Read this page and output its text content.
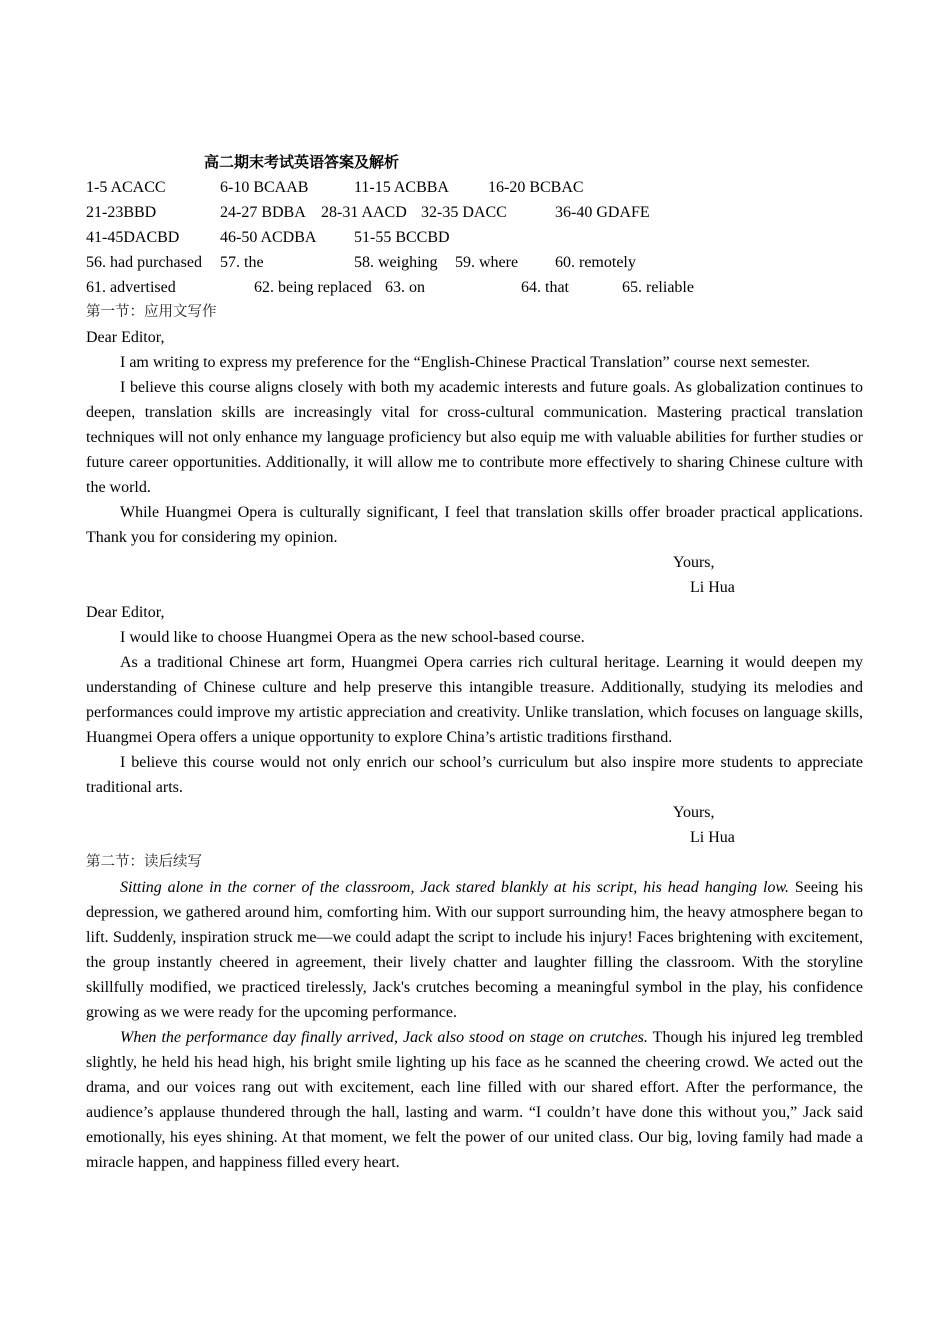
高二期末考试英语答案及解析
1-5 ACACC	6-10 BCAAB	11-15 ACBBA 16-20 BCBAC
21-23BBD	24-27 BDBA 28-31 AACD 32-35 DACC	36-40 GDAFE
41-45DACBD	46-50 ACDBA 51-55 BCCBD
56. had purchased 57. the	58. weighing 59. where 60. remotely
61. advertised	62. being replaced 63. on	64. that	65. reliable
第一节：应用文写作
Dear Editor,

I am writing to express my preference for the “English-Chinese Practical Translation” course next semester.

I believe this course aligns closely with both my academic interests and future goals. As globalization continues to deepen, translation skills are increasingly vital for cross-cultural communication. Mastering practical translation techniques will not only enhance my language proficiency but also equip me with valuable abilities for further studies or future career opportunities. Additionally, it will allow me to contribute more effectively to sharing Chinese culture with the world.

While Huangmei Opera is culturally significant, I feel that translation skills offer broader practical applications. Thank you for considering my opinion.

Yours,
Li Hua
Dear Editor,

I would like to choose Huangmei Opera as the new school-based course.

As a traditional Chinese art form, Huangmei Opera carries rich cultural heritage. Learning it would deepen my understanding of Chinese culture and help preserve this intangible treasure. Additionally, studying its melodies and performances could improve my artistic appreciation and creativity. Unlike translation, which focuses on language skills, Huangmei Opera offers a unique opportunity to explore China’s artistic traditions firsthand.

I believe this course would not only enrich our school’s curriculum but also inspire more students to appreciate traditional arts.

Yours,
Li Hua
第二节：读后续写

Sitting alone in the corner of the classroom, Jack stared blankly at his script, his head hanging low. Seeing his depression, we gathered around him, comforting him. With our support surrounding him, the heavy atmosphere began to lift. Suddenly, inspiration struck me—we could adapt the script to include his injury! Faces brightening with excitement, the group instantly cheered in agreement, their lively chatter and laughter filling the classroom. With the storyline skillfully modified, we practiced tirelessly, Jack's crutches becoming a meaningful symbol in the play, his confidence growing as we were ready for the upcoming performance.

When the performance day finally arrived, Jack also stood on stage on crutches. Though his injured leg trembled slightly, he held his head high, his bright smile lighting up his face as he scanned the cheering crowd. We acted out the drama, and our voices rang out with excitement, each line filled with our shared effort. After the performance, the audience’s applause thundered through the hall, lasting and warm. “I couldn’t have done this without you,” Jack said emotionally, his eyes shining. At that moment, we felt the power of our united class. Our big, loving family had made a miracle happen, and happiness filled every heart.
